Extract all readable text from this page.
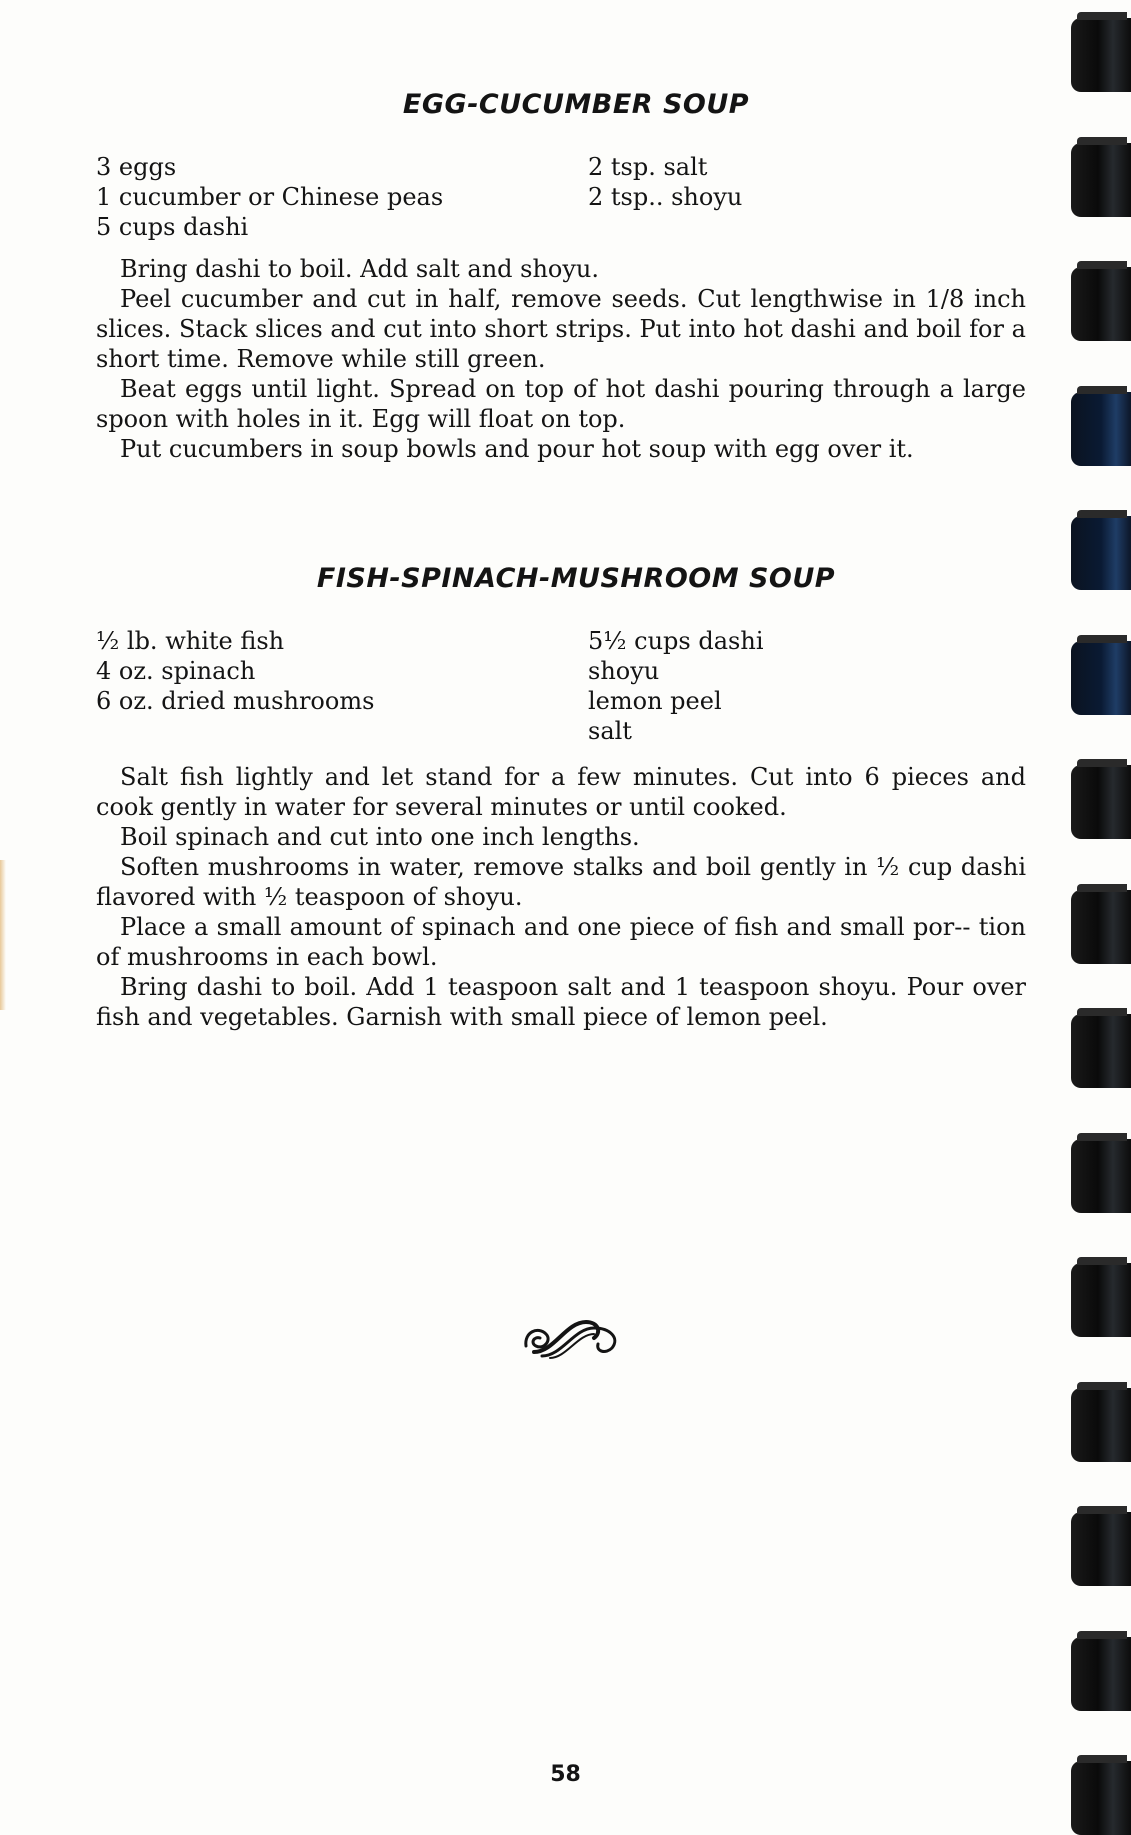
EGG-CUCUMBER SOUP
3 eggs
1 cucumber or Chinese peas
5 cups dashi
2 tsp. salt
2 tsp.. shoyu

Bring dashi to boil. Add salt and shoyu.

Peel cucumber and cut in half, remove seeds. Cut lengthwise in 1/8 inch slices. Stack slices and cut into short strips. Put into hot dashi and boil for a short time. Remove while still green.

Beat eggs until light. Spread on top of hot dashi pouring through a large spoon with holes in it. Egg will float on top.

Put cucumbers in soup bowls and pour hot soup with egg over it.

FISH-SPINACH-MUSHROOM SOUP
½ lb. white fish
4 oz. spinach
6 oz. dried mushrooms
5½ cups dashi
shoyu
lemon peel
salt

Salt fish lightly and let stand for a few minutes. Cut into 6 pieces and cook gently in water for several minutes or until cooked.

Boil spinach and cut into one inch lengths.

Soften mushrooms in water, remove stalks and boil gently in ½ cup dashi flavored with ½ teaspoon of shoyu.

Place a small amount of spinach and one piece of fish and small por-- tion of mushrooms in each bowl.

Bring dashi to boil. Add 1 teaspoon salt and 1 teaspoon shoyu. Pour over fish and vegetables. Garnish with small piece of lemon peel.

58
